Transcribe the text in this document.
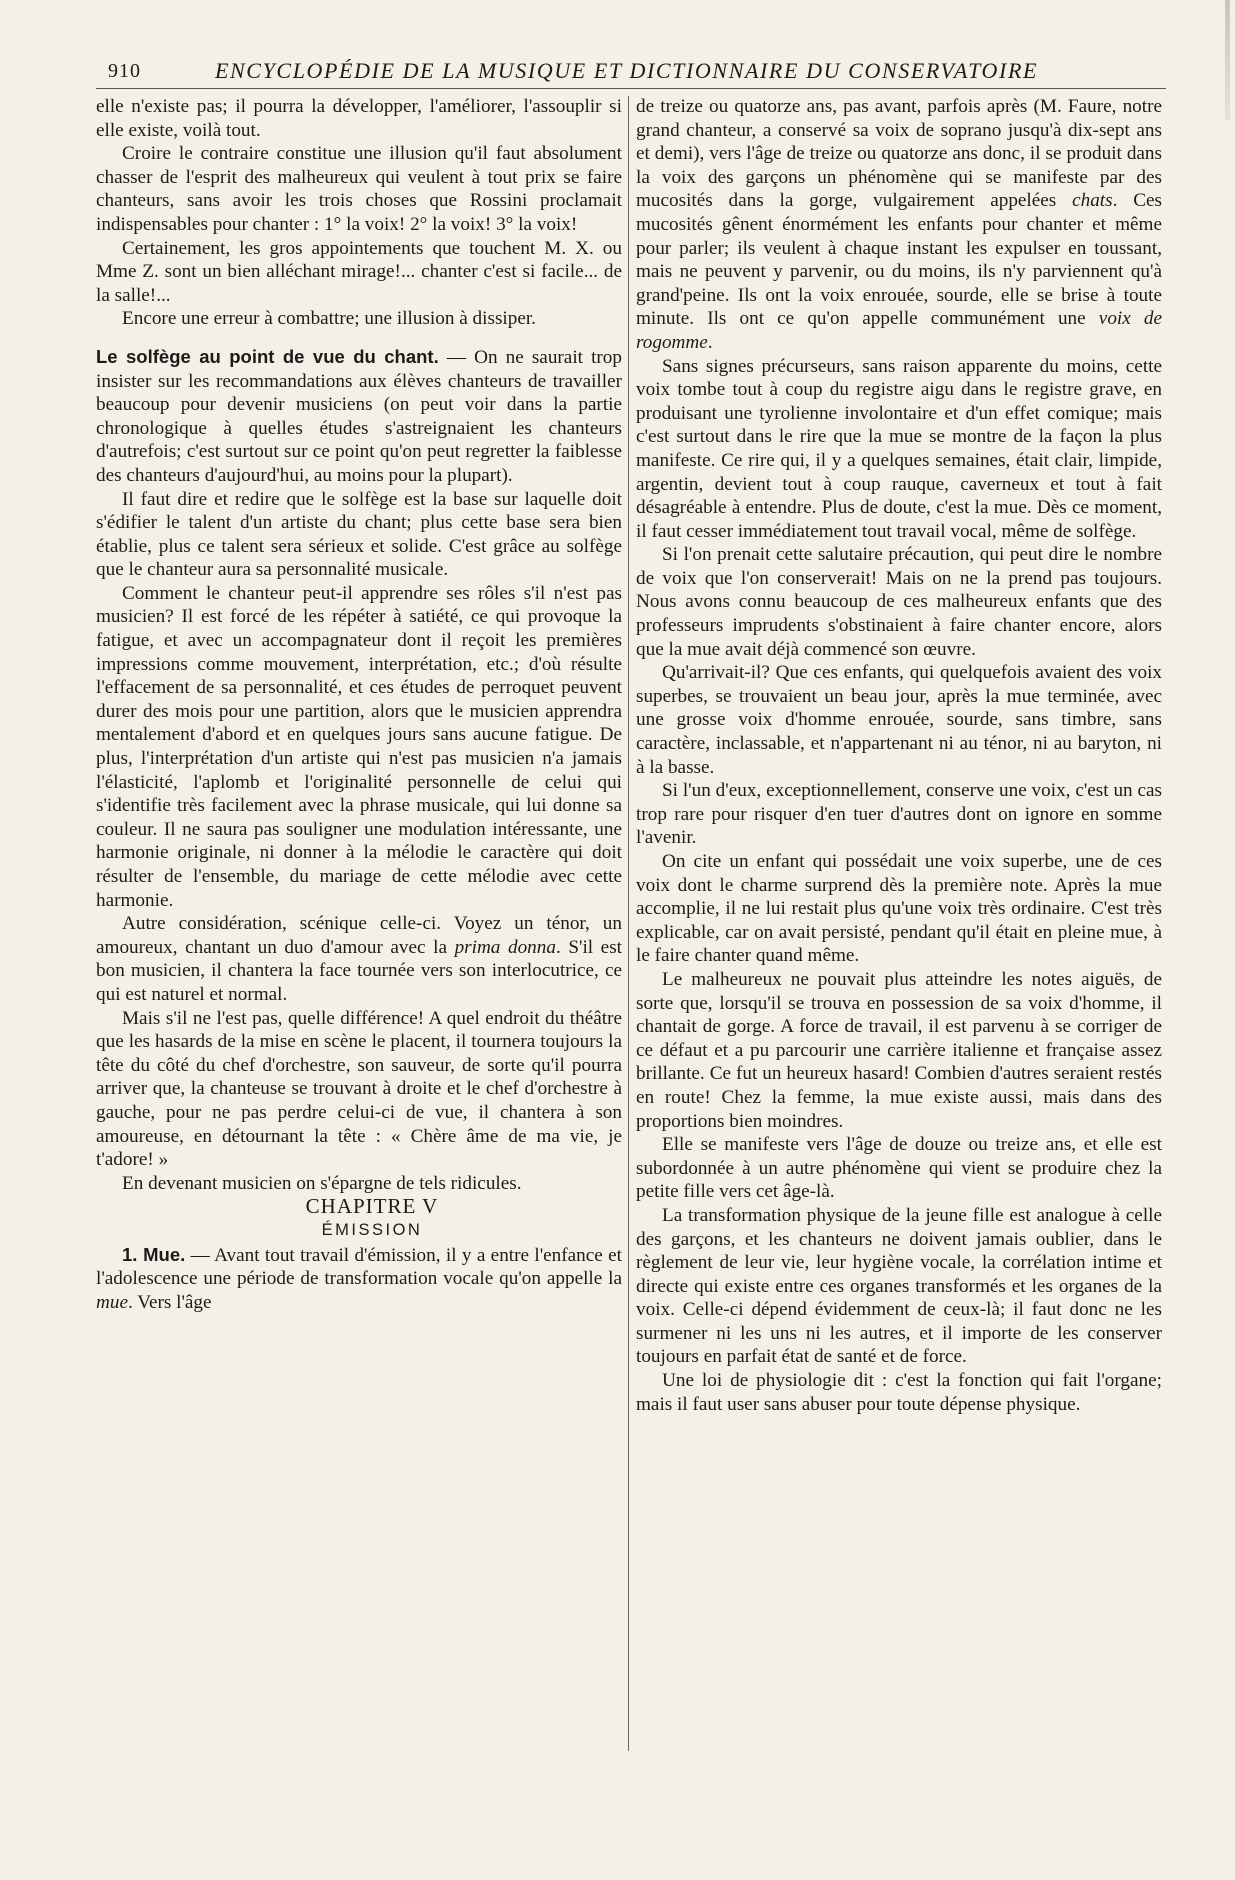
910	ENCYCLOPÉDIE DE LA MUSIQUE ET DICTIONNAIRE DU CONSERVATOIRE

elle n'existe pas; il pourra la développer, l'améliorer, l'assouplir si elle existe, voilà tout.

Croire le contraire constitue une illusion qu'il faut absolument chasser de l'esprit des malheureux qui veulent à tout prix se faire chanteurs, sans avoir les trois choses que Rossini proclamait indispensables pour chanter : 1° la voix! 2° la voix! 3° la voix!

Certainement, les gros appointements que touchent M. X. ou Mme Z. sont un bien alléchant mirage!... chanter c'est si facile... de la salle!...

Encore une erreur à combattre; une illusion à dissiper.

Le solfège au point de vue du chant. — On ne saurait trop insister sur les recommandations aux élèves chanteurs de travailler beaucoup pour devenir musiciens (on peut voir dans la partie chronologique à quelles études s'astreignaient les chanteurs d'autrefois; c'est surtout sur ce point qu'on peut regretter la faiblesse des chanteurs d'aujourd'hui, au moins pour la plupart).

Il faut dire et redire que le solfège est la base sur laquelle doit s'édifier le talent d'un artiste du chant; plus cette base sera bien établie, plus ce talent sera sérieux et solide. C'est grâce au solfège que le chanteur aura sa personnalité musicale.

Comment le chanteur peut-il apprendre ses rôles s'il n'est pas musicien? Il est forcé de les répéter à satiété, ce qui provoque la fatigue, et avec un accompagnateur dont il reçoit les premières impressions comme mouvement, interprétation, etc.; d'où résulte l'effacement de sa personnalité, et ces études de perroquet peuvent durer des mois pour une partition, alors que le musicien apprendra mentalement d'abord et en quelques jours sans aucune fatigue. De plus, l'interprétation d'un artiste qui n'est pas musicien n'a jamais l'élasticité, l'aplomb et l'originalité personnelle de celui qui s'identifie très facilement avec la phrase musicale, qui lui donne sa couleur. Il ne saura pas souligner une modulation intéressante, une harmonie originale, ni donner à la mélodie le caractère qui doit résulter de l'ensemble, du mariage de cette mélodie avec cette harmonie.

Autre considération, scénique celle-ci. Voyez un ténor, un amoureux, chantant un duo d'amour avec la prima donna. S'il est bon musicien, il chantera la face tournée vers son interlocutrice, ce qui est naturel et normal.

Mais s'il ne l'est pas, quelle différence! A quel endroit du théâtre que les hasards de la mise en scène le placent, il tournera toujours la tête du côté du chef d'orchestre, son sauveur, de sorte qu'il pourra arriver que, la chanteuse se trouvant à droite et le chef d'orchestre à gauche, pour ne pas perdre celui-ci de vue, il chantera à son amoureuse, en détournant la tête : « Chère âme de ma vie, je t'adore! »

En devenant musicien on s'épargne de tels ridicules.

CHAPITRE V

ÉMISSION

1. Mue. — Avant tout travail d'émission, il y a entre l'enfance et l'adolescence une période de transformation vocale qu'on appelle la mue. Vers l'âge

de treize ou quatorze ans, pas avant, parfois après (M. Faure, notre grand chanteur, a conservé sa voix de soprano jusqu'à dix-sept ans et demi), vers l'âge de treize ou quatorze ans donc, il se produit dans la voix des garçons un phénomène qui se manifeste par des mucosités dans la gorge, vulgairement appelées chats. Ces mucosités gênent énormément les enfants pour chanter et même pour parler; ils veulent à chaque instant les expulser en toussant, mais ne peuvent y parvenir, ou du moins, ils n'y parviennent qu'à grand'peine. Ils ont la voix enrouée, sourde, elle se brise à toute minute. Ils ont ce qu'on appelle communément une voix de rogomme.

Sans signes précurseurs, sans raison apparente du moins, cette voix tombe tout à coup du registre aigu dans le registre grave, en produisant une tyrolienne involontaire et d'un effet comique; mais c'est surtout dans le rire que la mue se montre de la façon la plus manifeste. Ce rire qui, il y a quelques semaines, était clair, limpide, argentin, devient tout à coup rauque, caverneux et tout à fait désagréable à entendre. Plus de doute, c'est la mue. Dès ce moment, il faut cesser immédiatement tout travail vocal, même de solfège.

Si l'on prenait cette salutaire précaution, qui peut dire le nombre de voix que l'on conserverait! Mais on ne la prend pas toujours. Nous avons connu beaucoup de ces malheureux enfants que des professeurs imprudents s'obstinaient à faire chanter encore, alors que la mue avait déjà commencé son œuvre.

Qu'arrivait-il? Que ces enfants, qui quelquefois avaient des voix superbes, se trouvaient un beau jour, après la mue terminée, avec une grosse voix d'homme enrouée, sourde, sans timbre, sans caractère, inclassable, et n'appartenant ni au ténor, ni au baryton, ni à la basse.

Si l'un d'eux, exceptionnellement, conserve une voix, c'est un cas trop rare pour risquer d'en tuer d'autres dont on ignore en somme l'avenir.

On cite un enfant qui possédait une voix superbe, une de ces voix dont le charme surprend dès la première note. Après la mue accomplie, il ne lui restait plus qu'une voix très ordinaire. C'est très explicable, car on avait persisté, pendant qu'il était en pleine mue, à le faire chanter quand même.

Le malheureux ne pouvait plus atteindre les notes aiguës, de sorte que, lorsqu'il se trouva en possession de sa voix d'homme, il chantait de gorge. A force de travail, il est parvenu à se corriger de ce défaut et a pu parcourir une carrière italienne et française assez brillante. Ce fut un heureux hasard! Combien d'autres seraient restés en route! Chez la femme, la mue existe aussi, mais dans des proportions bien moindres.

Elle se manifeste vers l'âge de douze ou treize ans, et elle est subordonnée à un autre phénomène qui vient se produire chez la petite fille vers cet âge-là.

La transformation physique de la jeune fille est analogue à celle des garçons, et les chanteurs ne doivent jamais oublier, dans le règlement de leur vie, leur hygiène vocale, la corrélation intime et directe qui existe entre ces organes transformés et les organes de la voix. Celle-ci dépend évidemment de ceux-là; il faut donc ne les surmener ni les uns ni les autres, et il importe de les conserver toujours en parfait état de santé et de force.

Une loi de physiologie dit : c'est la fonction qui fait l'organe; mais il faut user sans abuser pour toute dépense physique.
